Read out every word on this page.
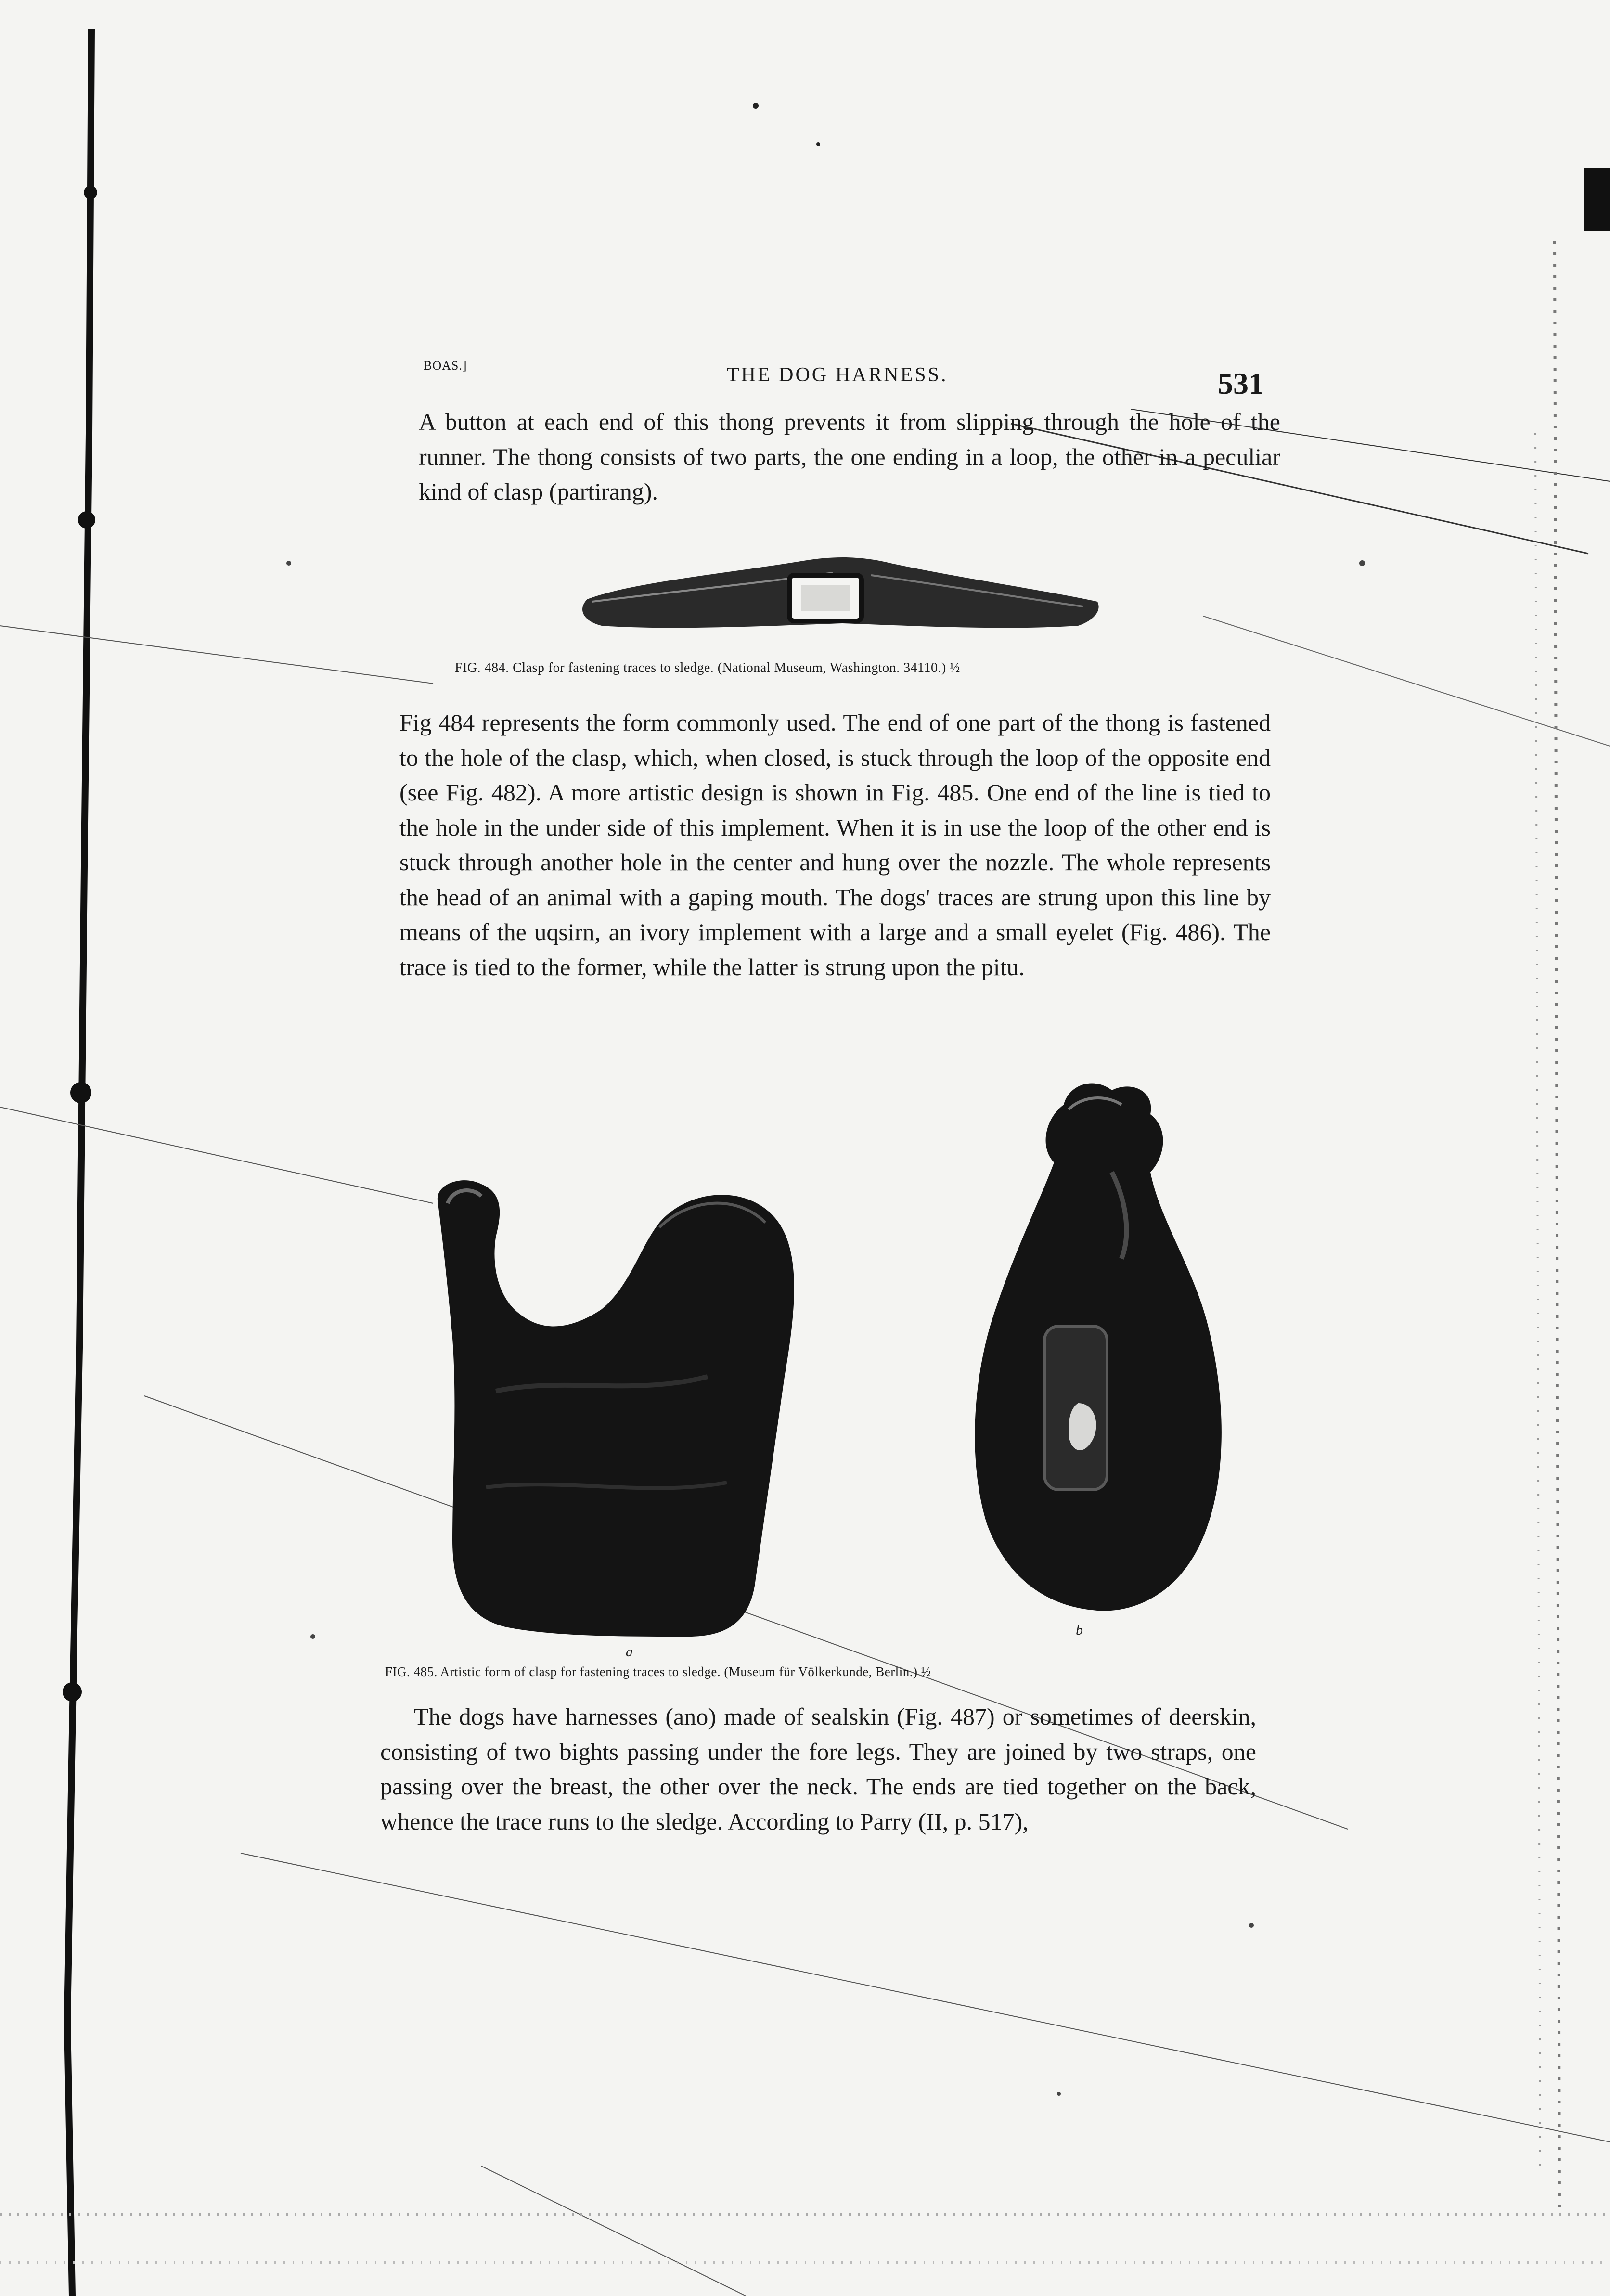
BOAS.]	THE DOG HARNESS.	531

A button at each end of this thong prevents it from slipping through the hole of the runner. The thong consists of two parts, the one ending in a loop, the other in a peculiar kind of clasp (partirang).

FIG. 484. Clasp for fastening traces to sledge. (National Museum, Washington. 34110.) ½

Fig 484 represents the form commonly used. The end of one part of the thong is fastened to the hole of the clasp, which, when closed, is stuck through the loop of the opposite end (see Fig. 482). A more artistic design is shown in Fig. 485. One end of the line is tied to the hole in the under side of this implement. When it is in use the loop of the other end is stuck through another hole in the center and hung over the nozzle. The whole represents the head of an animal with a gaping mouth. The dogs' traces are strung upon this line by means of the uqsirn, an ivory implement with a large and a small eyelet (Fig. 486). The trace is tied to the former, while the latter is strung upon the pitu.

a
b
FIG. 485. Artistic form of clasp for fastening traces to sledge. (Museum für Völkerkunde, Berlin.) ½

The dogs have harnesses (ano) made of sealskin (Fig. 487) or sometimes of deerskin, consisting of two bights passing under the fore legs. They are joined by two straps, one passing over the breast, the other over the neck. The ends are tied together on the back, whence the trace runs to the sledge. According to Parry (II, p. 517),
